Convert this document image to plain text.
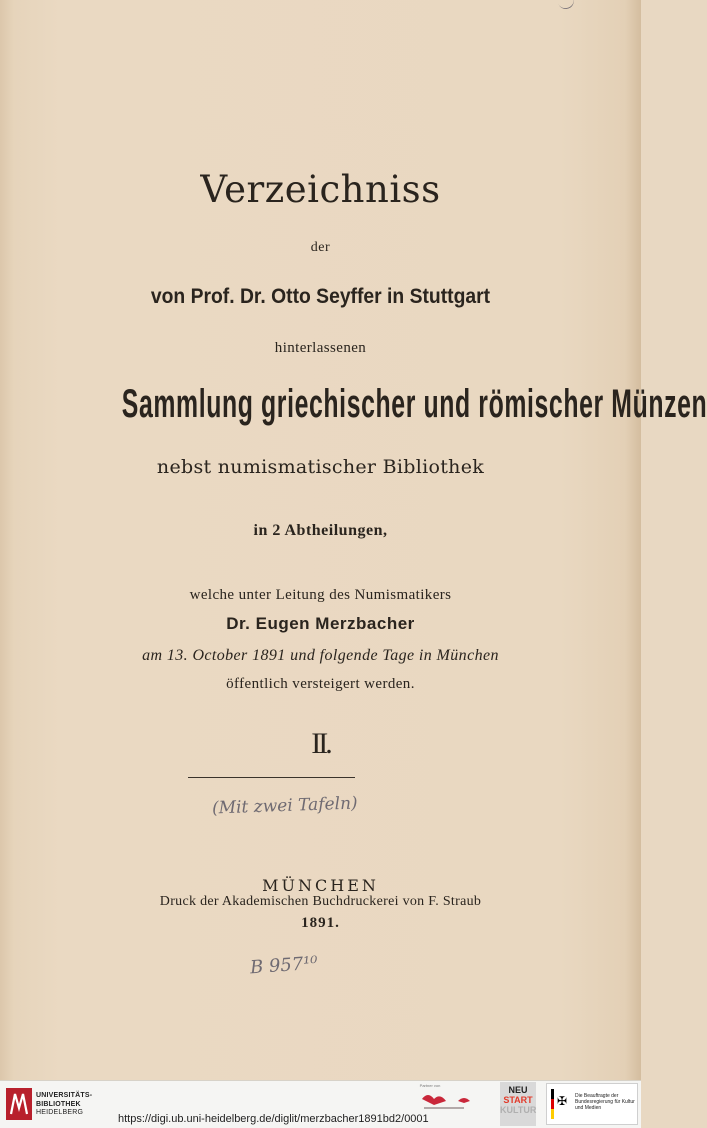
Verzeichniss
der
von Prof. Dr. Otto Seyffer in Stuttgart
hinterlassenen
Sammlung griechischer und römischer Münzen
nebst numismatischer Bibliothek
in 2 Abtheilungen,
welche unter Leitung des Numismatikers
Dr. Eugen Merzbacher
am 13. October 1891 und folgende Tage in München
öffentlich versteigert werden.
II.
(Mit zwei Tafeln)
MÜNCHEN
Druck der Akademischen Buchdruckerei von F. Straub
1891.
B 957¹⁰
UNIVERSITÄTS-
BIBLIOTHEK
HEIDELBERG
https://digi.ub.uni-heidelberg.de/diglit/merzbacher1891bd2/0001
Partner von	NEU
START
KULTUR
✠ Die Beauftragte der Bundesregierung für Kultur und Medien
